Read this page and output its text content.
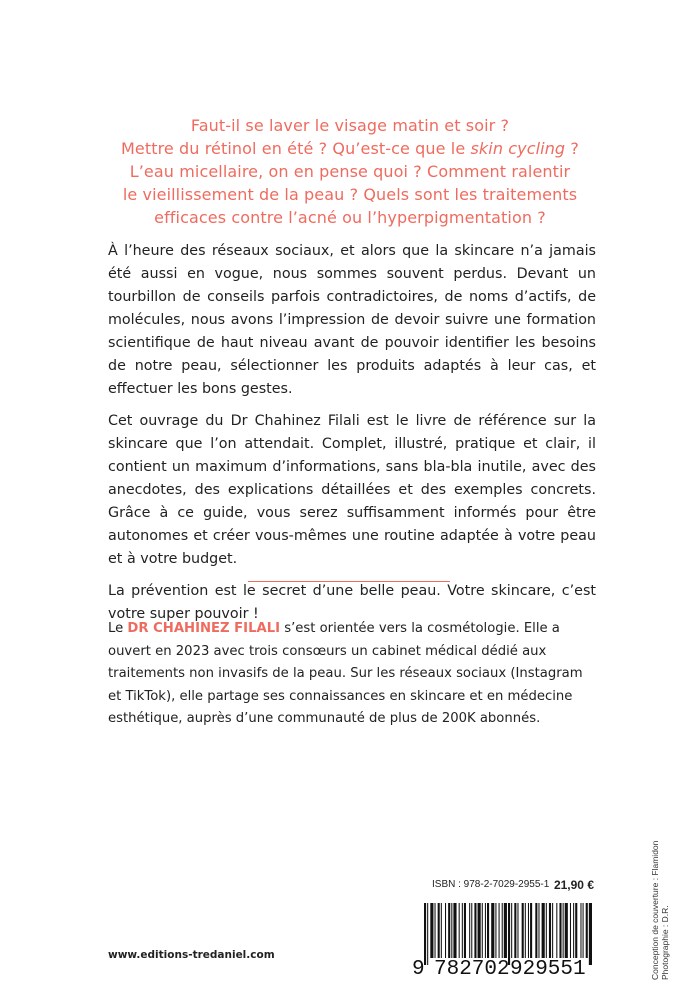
Faut-il se laver le visage matin et soir ?
Mettre du rétinol en été ? Qu’est-ce que le skin cycling ?
L’eau micellaire, on en pense quoi ? Comment ralentir
le vieillissement de la peau ? Quels sont les traitements
efficaces contre l’acné ou l’hyperpigmentation ?

À l’heure des réseaux sociaux, et alors que la skincare n’a jamais été aussi en vogue, nous sommes souvent perdus. Devant un tourbillon de conseils parfois contradictoires, de noms d’actifs, de molécules, nous avons l’impression de devoir suivre une formation scientifique de haut niveau avant de pouvoir identifier les besoins de notre peau, sélectionner les produits adaptés à leur cas, et effectuer les bons gestes.

Cet ouvrage du Dr Chahinez Filali est le livre de référence sur la skincare que l’on attendait. Complet, illustré, pratique et clair, il contient un maximum d’informations, sans bla-bla inutile, avec des anecdotes, des explications détaillées et des exemples concrets. Grâce à ce guide, vous serez suffisamment informés pour être autonomes et créer vous-mêmes une routine adaptée à votre peau et à votre budget.

La prévention est le secret d’une belle peau. Votre skincare, c’est votre super pouvoir !

Le DR CHAHINEZ FILALI s’est orientée vers la cosmétologie. Elle a ouvert en 2023 avec trois consœurs un cabinet médical dédié aux traitements non invasifs de la peau. Sur les réseaux sociaux (Instagram et TikTok), elle partage ses connaissances en skincare et en médecine esthétique, auprès d’une communauté de plus de 200K abonnés.
www.editions-tredaniel.com
ISBN : 978-2-7029-2955-1 21,90 €
9 782702 929551	Conception de couverture : Flamidon Photographie : D.R.
